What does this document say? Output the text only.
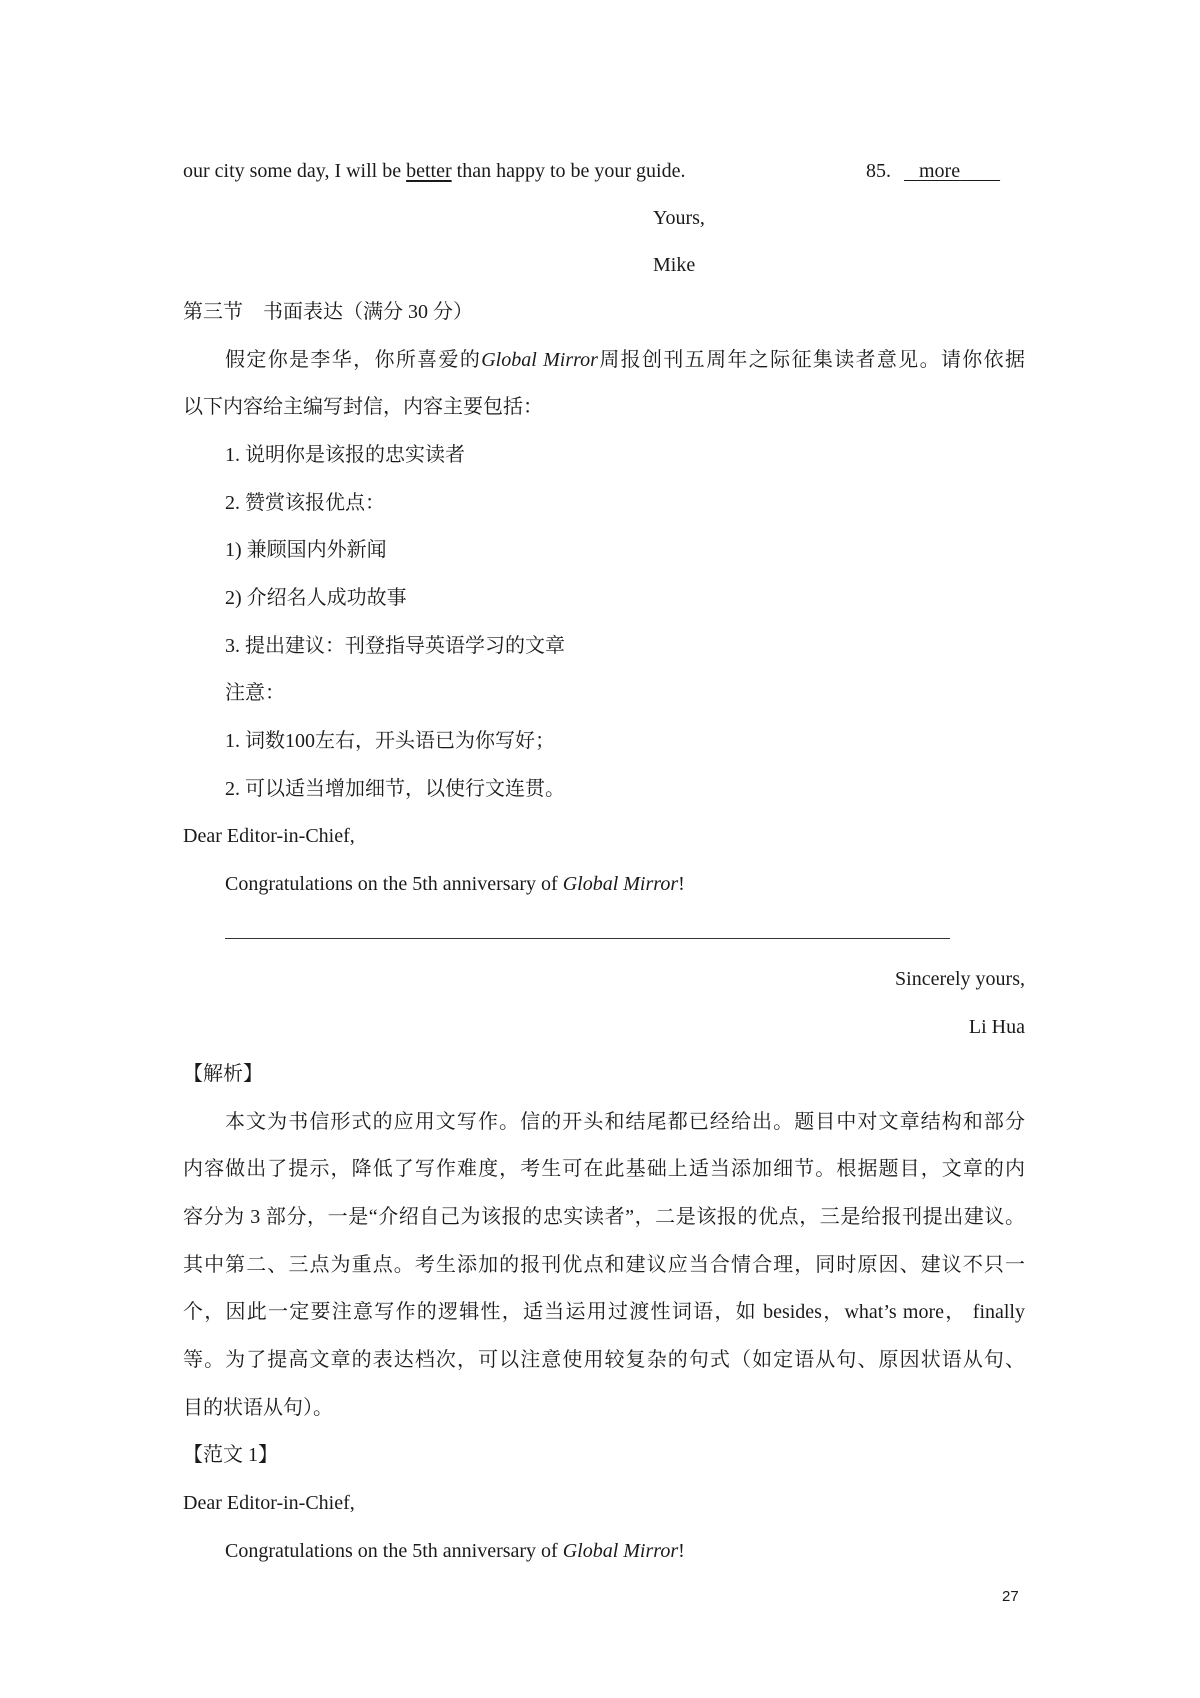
our city some day, I will be better than happy to be your guide.	85.	more
Yours,
Mike
第三节　书面表达（满分 30 分）
假定你是李华，你所喜爱的Global Mirror周报创刊五周年之际征集读者意见。请你依据
以下内容给主编写封信，内容主要包括：
1. 说明你是该报的忠实读者
2. 赞赏该报优点：
1) 兼顾国内外新闻
2) 介绍名人成功故事
3. 提出建议：刊登指导英语学习的文章
注意：
1. 词数100左右，开头语已为你写好；
2. 可以适当增加细节，以使行文连贯。
Dear Editor-in-Chief,
Congratulations on the 5th anniversary of Global Mirror!
Sincerely yours,
Li Hua
【解析】
本文为书信形式的应用文写作。信的开头和结尾都已经给出。题目中对文章结构和部分
内容做出了提示，降低了写作难度，考生可在此基础上适当添加细节。根据题目，文章的内
容分为 3 部分，一是“介绍自己为该报的忠实读者”，二是该报的优点，三是给报刊提出建议。
其中第二、三点为重点。考生添加的报刊优点和建议应当合情合理，同时原因、建议不只一
个，因此一定要注意写作的逻辑性，适当运用过渡性词语，如 besides，what’s more， finally
等。为了提高文章的表达档次，可以注意使用较复杂的句式（如定语从句、原因状语从句、
目的状语从句）。
【范文 1】
Dear Editor-in-Chief,
Congratulations on the 5th anniversary of Global Mirror!
27
